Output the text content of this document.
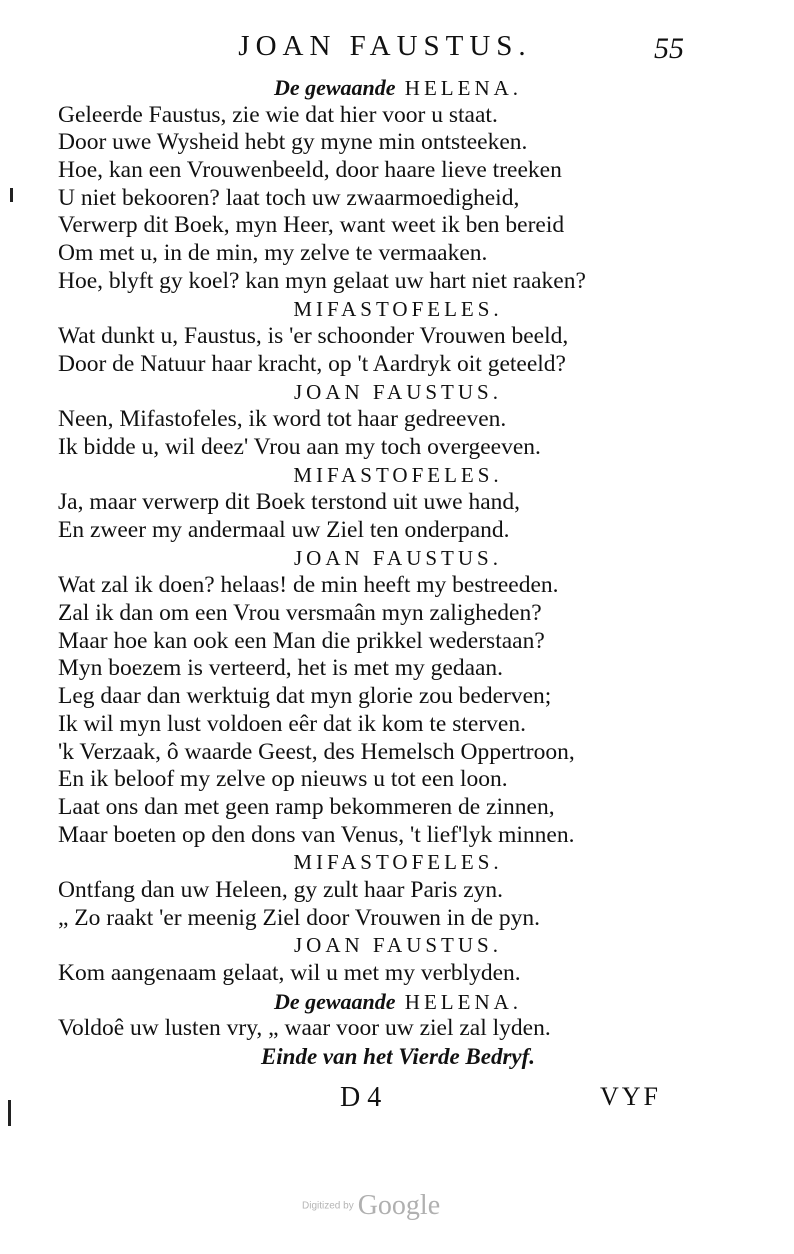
JOAN FAUSTUS.	55
De gewaande HELENA.
Geleerde Faustus, zie wie dat hier voor u staat.
Door uwe Wysheid hebt gy myne min ontsteeken.
Hoe, kan een Vrouwenbeeld, door haare lieve treeken
U niet bekooren? laat toch uw zwaarmoedigheid,
Verwerp dit Boek, myn Heer, want weet ik ben bereid
Om met u, in de min, my zelve te vermaaken.
Hoe, blyft gy koel? kan myn gelaat uw hart niet raaken?
MIFASTOFELES.
Wat dunkt u, Faustus, is 'er schoonder Vrouwen beeld,
Door de Natuur haar kracht, op 't Aardryk oit geteeld?
JOAN FAUSTUS.
Neen, Mifastofeles, ik word tot haar gedreeven.
Ik bidde u, wil deez' Vrou aan my toch overgeeven.
MIFASTOFELES.
Ja, maar verwerp dit Boek terstond uit uwe hand,
En zweer my andermaal uw Ziel ten onderpand.
JOAN FAUSTUS.
Wat zal ik doen? helaas! de min heeft my bestreeden.
Zal ik dan om een Vrou versmaân myn zaligheden?
Maar hoe kan ook een Man die prikkel wederstaan?
Myn boezem is verteerd, het is met my gedaan.
Leg daar dan werktuig dat myn glorie zou bederven;
Ik wil myn lust voldoen eêr dat ik kom te sterven.
'k Verzaak, ô waarde Geest, des Hemelsch Oppertroon,
En ik beloof my zelve op nieuws u tot een loon.
Laat ons dan met geen ramp bekommeren de zinnen,
Maar boeten op den dons van Venus, 't lief'lyk minnen.
MIFASTOFELES.
Ontfang dan uw Heleen, gy zult haar Paris zyn.
„ Zo raakt 'er meenig Ziel door Vrouwen in de pyn.
JOAN FAUSTUS.
Kom aangenaam gelaat, wil u met my verblyden.
De gewaande HELENA.
Voldoê uw lusten vry, „ waar voor uw ziel zal lyden.
Einde van het Vierde Bedryf.
D 4	VYF
Digitized by Google
